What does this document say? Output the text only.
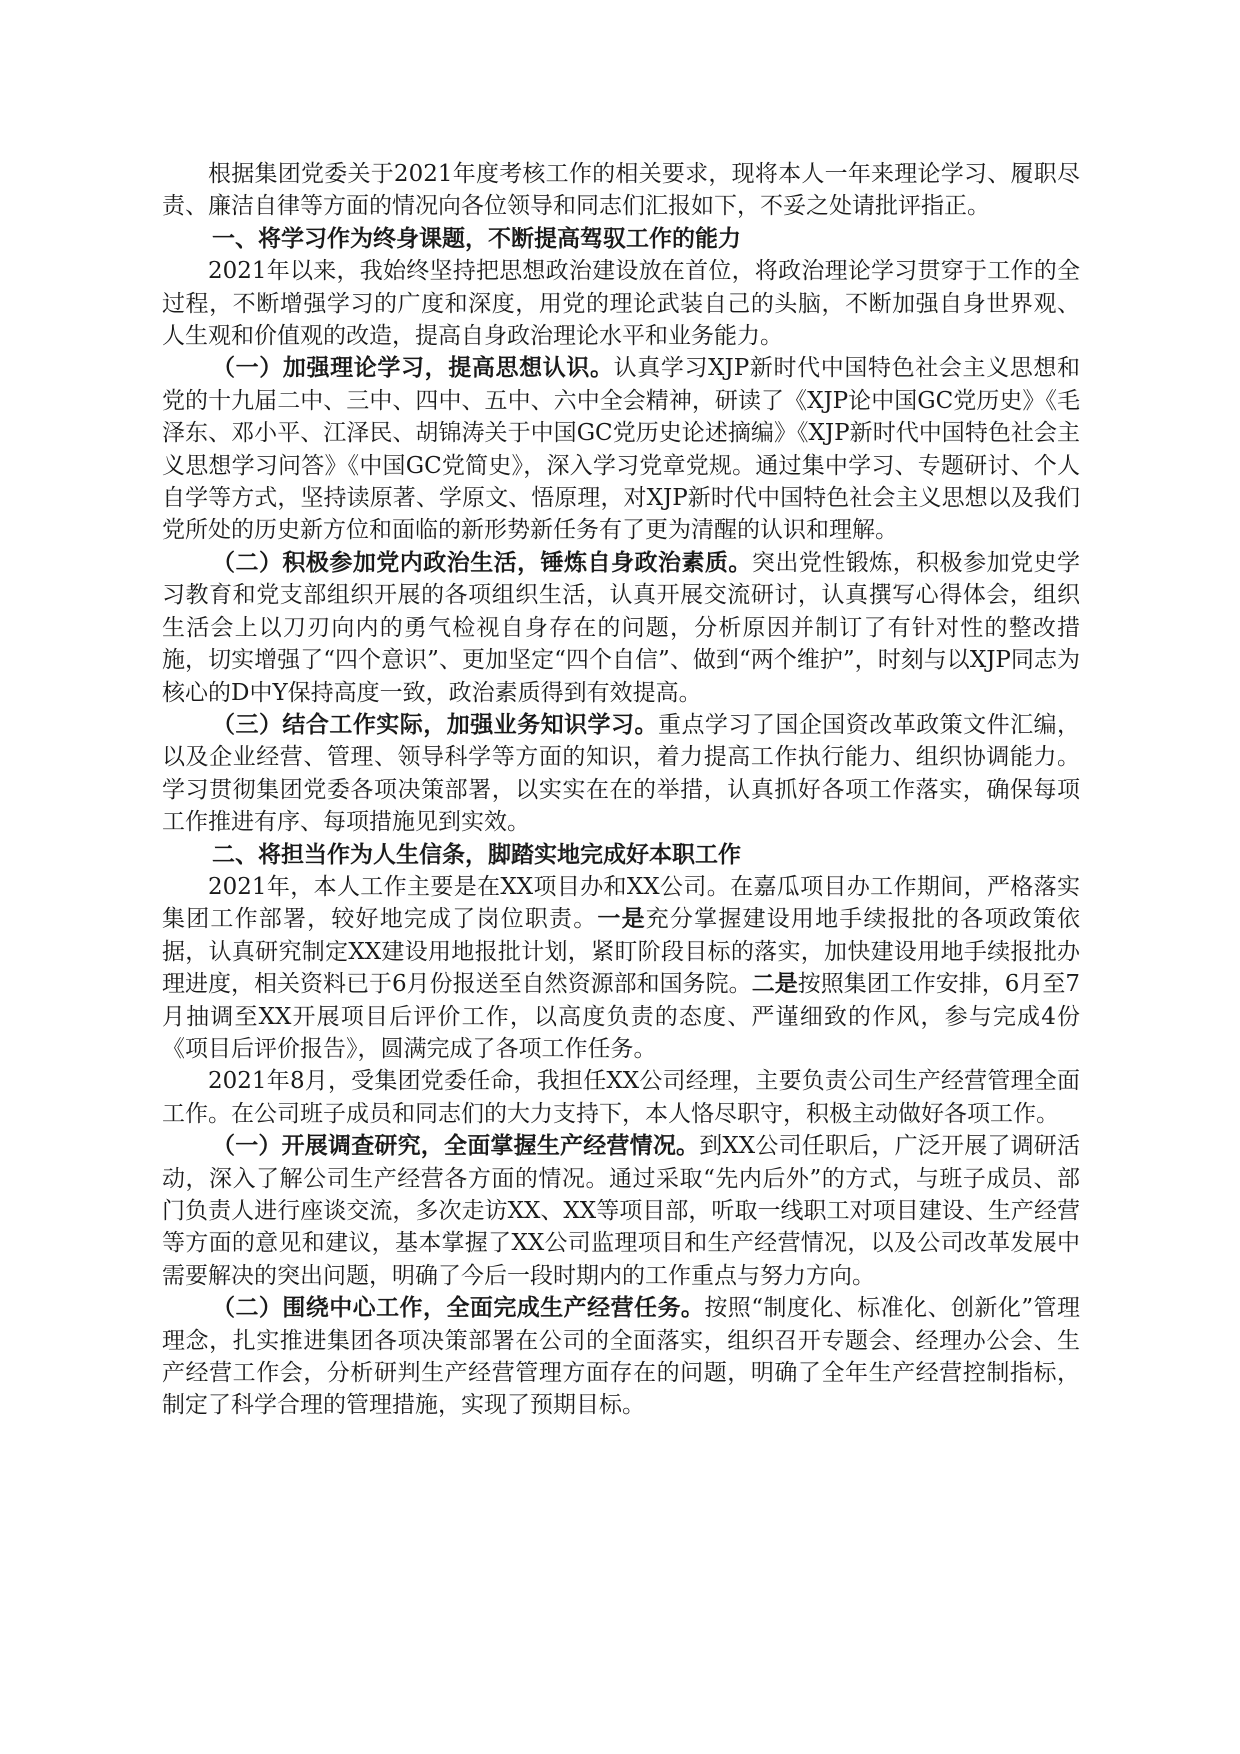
根据集团党委关于2021年度考核工作的相关要求，现将本人一年来理论学习、履职尽责、廉洁自律等方面的情况向各位领导和同志们汇报如下，不妥之处请批评指正。

一、将学习作为终身课题，不断提高驾驭工作的能力

2021年以来，我始终坚持把思想政治建设放在首位，将政治理论学习贯穿于工作的全过程，不断增强学习的广度和深度，用党的理论武装自己的头脑，不断加强自身世界观、人生观和价值观的改造，提高自身政治理论水平和业务能力。

（一）加强理论学习，提高思想认识。认真学习XJP新时代中国特色社会主义思想和党的十九届二中、三中、四中、五中、六中全会精神，研读了《XJP论中国GC党历史》《毛泽东、邓小平、江泽民、胡锦涛关于中国GC党历史论述摘编》《XJP新时代中国特色社会主义思想学习问答》《中国GC党简史》，深入学习党章党规。通过集中学习、专题研讨、个人自学等方式，坚持读原著、学原文、悟原理，对XJP新时代中国特色社会主义思想以及我们党所处的历史新方位和面临的新形势新任务有了更为清醒的认识和理解。

（二）积极参加党内政治生活，锤炼自身政治素质。突出党性锻炼，积极参加党史学习教育和党支部组织开展的各项组织生活，认真开展交流研讨，认真撰写心得体会，组织生活会上以刀刃向内的勇气检视自身存在的问题，分析原因并制订了有针对性的整改措施，切实增强了“四个意识”、更加坚定“四个自信”、做到“两个维护”，时刻与以XJP同志为核心的D中Y保持高度一致，政治素质得到有效提高。

（三）结合工作实际，加强业务知识学习。重点学习了国企国资改革政策文件汇编，以及企业经营、管理、领导科学等方面的知识，着力提高工作执行能力、组织协调能力。学习贯彻集团党委各项决策部署，以实实在在的举措，认真抓好各项工作落实，确保每项工作推进有序、每项措施见到实效。

二、将担当作为人生信条，脚踏实地完成好本职工作

2021年，本人工作主要是在XX项目办和XX公司。在嘉瓜项目办工作期间，严格落实集团工作部署，较好地完成了岗位职责。一是充分掌握建设用地手续报批的各项政策依据，认真研究制定XX建设用地报批计划，紧盯阶段目标的落实，加快建设用地手续报批办理进度，相关资料已于6月份报送至自然资源部和国务院。二是按照集团工作安排，6月至7月抽调至XX开展项目后评价工作，以高度负责的态度、严谨细致的作风，参与完成4份《项目后评价报告》，圆满完成了各项工作任务。

2021年8月，受集团党委任命，我担任XX公司经理，主要负责公司生产经营管理全面工作。在公司班子成员和同志们的大力支持下，本人恪尽职守，积极主动做好各项工作。

（一）开展调查研究，全面掌握生产经营情况。到XX公司任职后，广泛开展了调研活动，深入了解公司生产经营各方面的情况。通过采取“先内后外”的方式，与班子成员、部门负责人进行座谈交流，多次走访XX、XX等项目部，听取一线职工对项目建设、生产经营等方面的意见和建议，基本掌握了XX公司监理项目和生产经营情况，以及公司改革发展中需要解决的突出问题，明确了今后一段时期内的工作重点与努力方向。

（二）围绕中心工作，全面完成生产经营任务。按照“制度化、标准化、创新化”管理理念，扎实推进集团各项决策部署在公司的全面落实，组织召开专题会、经理办公会、生产经营工作会，分析研判生产经营管理方面存在的问题，明确了全年生产经营控制指标，制定了科学合理的管理措施，实现了预期目标。
